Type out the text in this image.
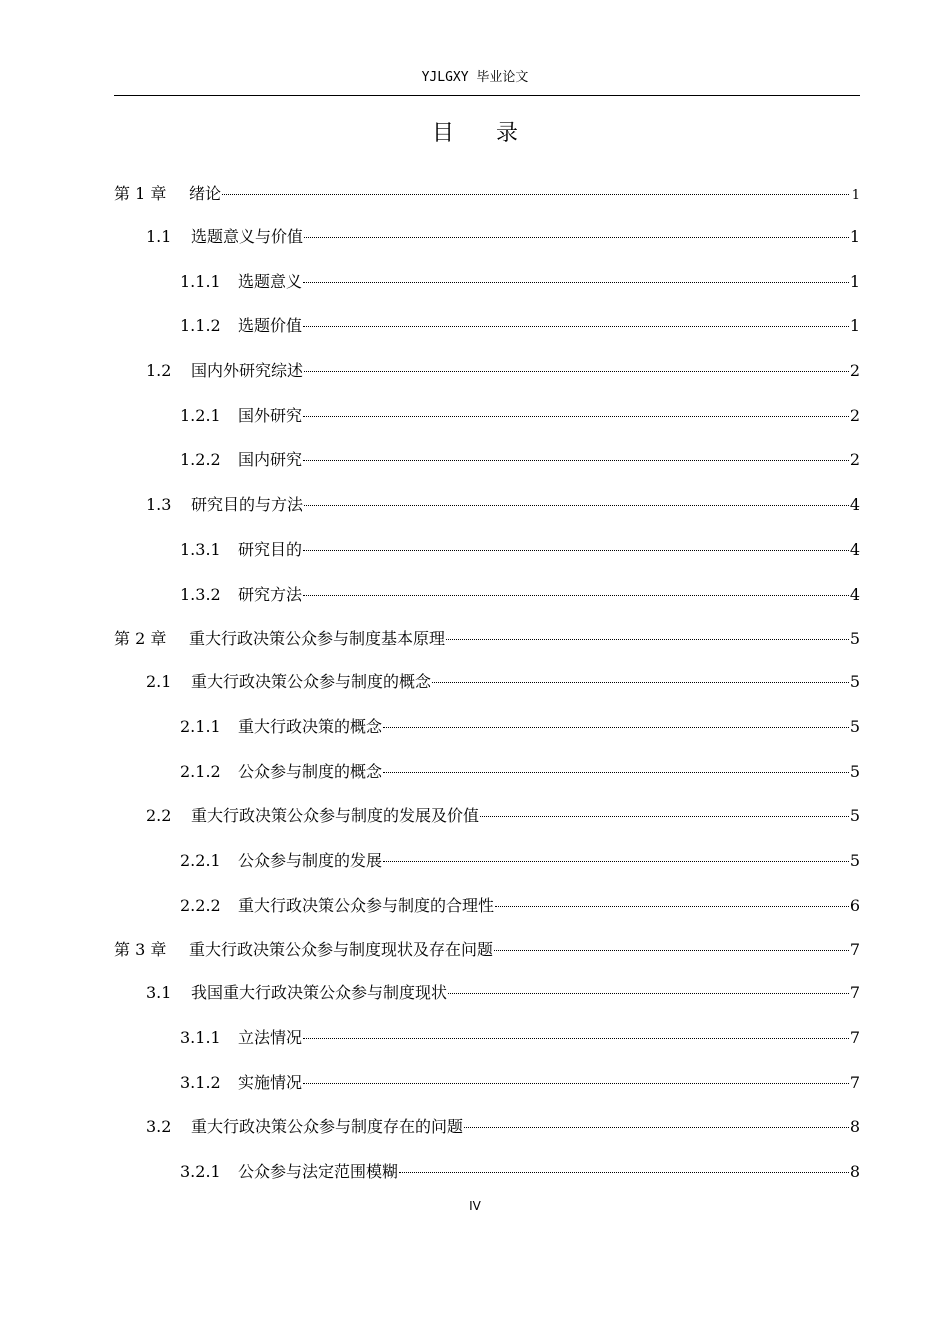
YJLGXY 毕业论文
目录
第 1 章	绪论	1
1.1	选题意义与价值	1
1.1.1	选题意义	1
1.1.2	选题价值	1
1.2	国内外研究综述	2
1.2.1	国外研究	2
1.2.2	国内研究	2
1.3	研究目的与方法	4
1.3.1	研究目的	4
1.3.2	研究方法	4
第 2 章	重大行政决策公众参与制度基本原理	5
2.1	重大行政决策公众参与制度的概念	5
2.1.1	重大行政决策的概念	5
2.1.2	公众参与制度的概念	5
2.2	重大行政决策公众参与制度的发展及价值	5
2.2.1	公众参与制度的发展	5
2.2.2	重大行政决策公众参与制度的合理性	6
第 3 章	重大行政决策公众参与制度现状及存在问题	7
3.1	我国重大行政决策公众参与制度现状	7
3.1.1	立法情况	7
3.1.2	实施情况	7
3.2	重大行政决策公众参与制度存在的问题	8
3.2.1	公众参与法定范围模糊	8
IV
